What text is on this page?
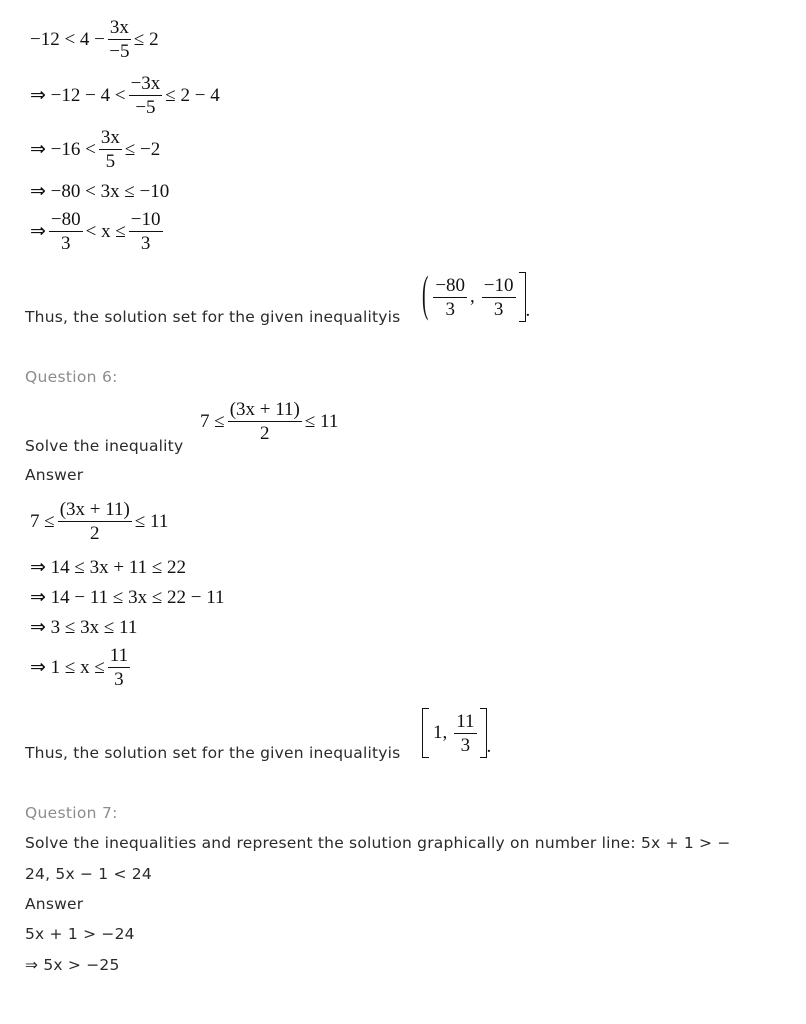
$-12 < 4 - \frac{3x}{-5} \le 2$
⇒ $-12 - 4 < \frac{-3x}{-5} \le 2 - 4$
⇒ $-16 < \frac{3x}{5} \le -2$
⇒ −80 < 3x ≤ −10
⇒ $\frac{-80}{3} < x \le \frac{-10}{3}$
Thus, the solution set for the given inequalityis ( $\frac{-80}{3}$ , $\frac{-10}{3}$ .
Question 6:
Solve the inequality
$7 \le \frac{(3x + 11)}{2} \le 11$
Answer
$7 \le \frac{(3x + 11)}{2} \le 11$
⇒ 14 ≤ 3x + 11 ≤ 22
⇒ 14 − 11 ≤ 3x ≤ 22 − 11
⇒ 3 ≤ 3x ≤ 11
⇒ $1 \le x \le \frac{11}{3}$
Thus, the solution set for the given inequalityis
1, $\frac{11}{3}$ .
Question 7:
Solve the inequalities and represent the solution graphically on number line: 5x + 1 > −
24, 5x − 1 < 24
Answer
5x + 1 > −24
⇒ 5x > −25
